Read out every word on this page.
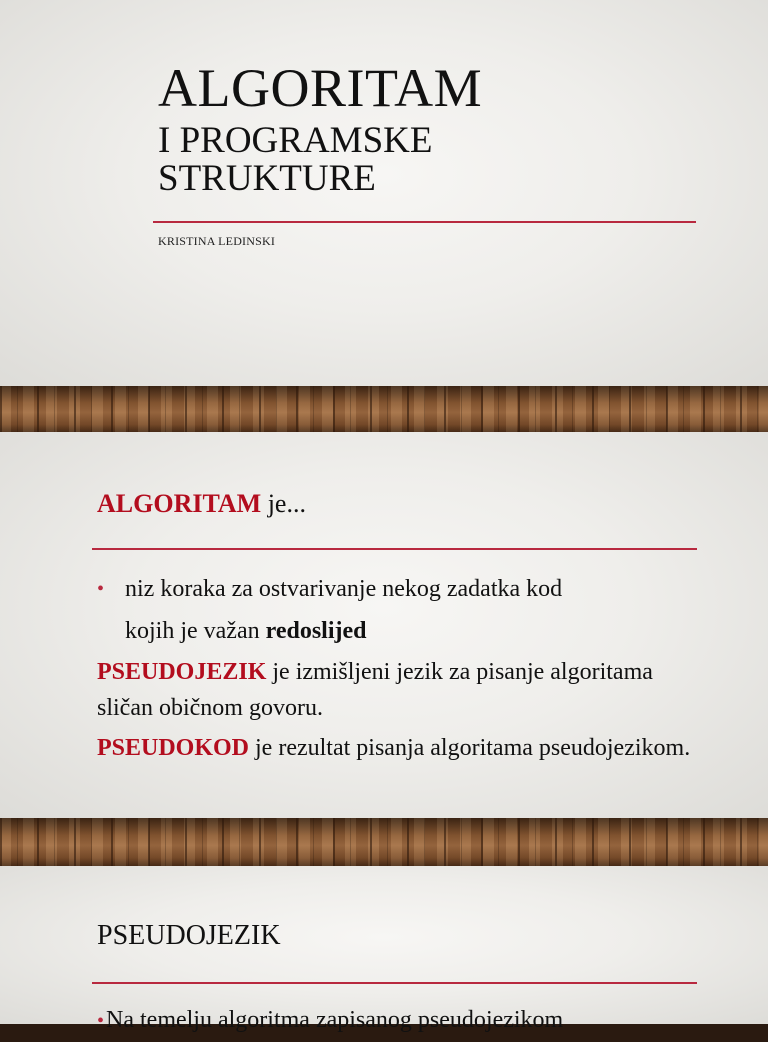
ALGORITAM
I PROGRAMSKE
STRUKTURE
KRISTINA LEDINSKI
ALGORITAM je...
• niz koraka za ostvarivanje nekog zadatka kod
kojih je važan redoslijed
PSEUDOJEZIK je izmišljeni jezik za pisanje algoritama sličan običnom govoru.
PSEUDOKOD je rezultat pisanja algoritama pseudojezikom.
PSEUDOJEZIK
•Na temelju algoritma zapisanog pseudojezikom
